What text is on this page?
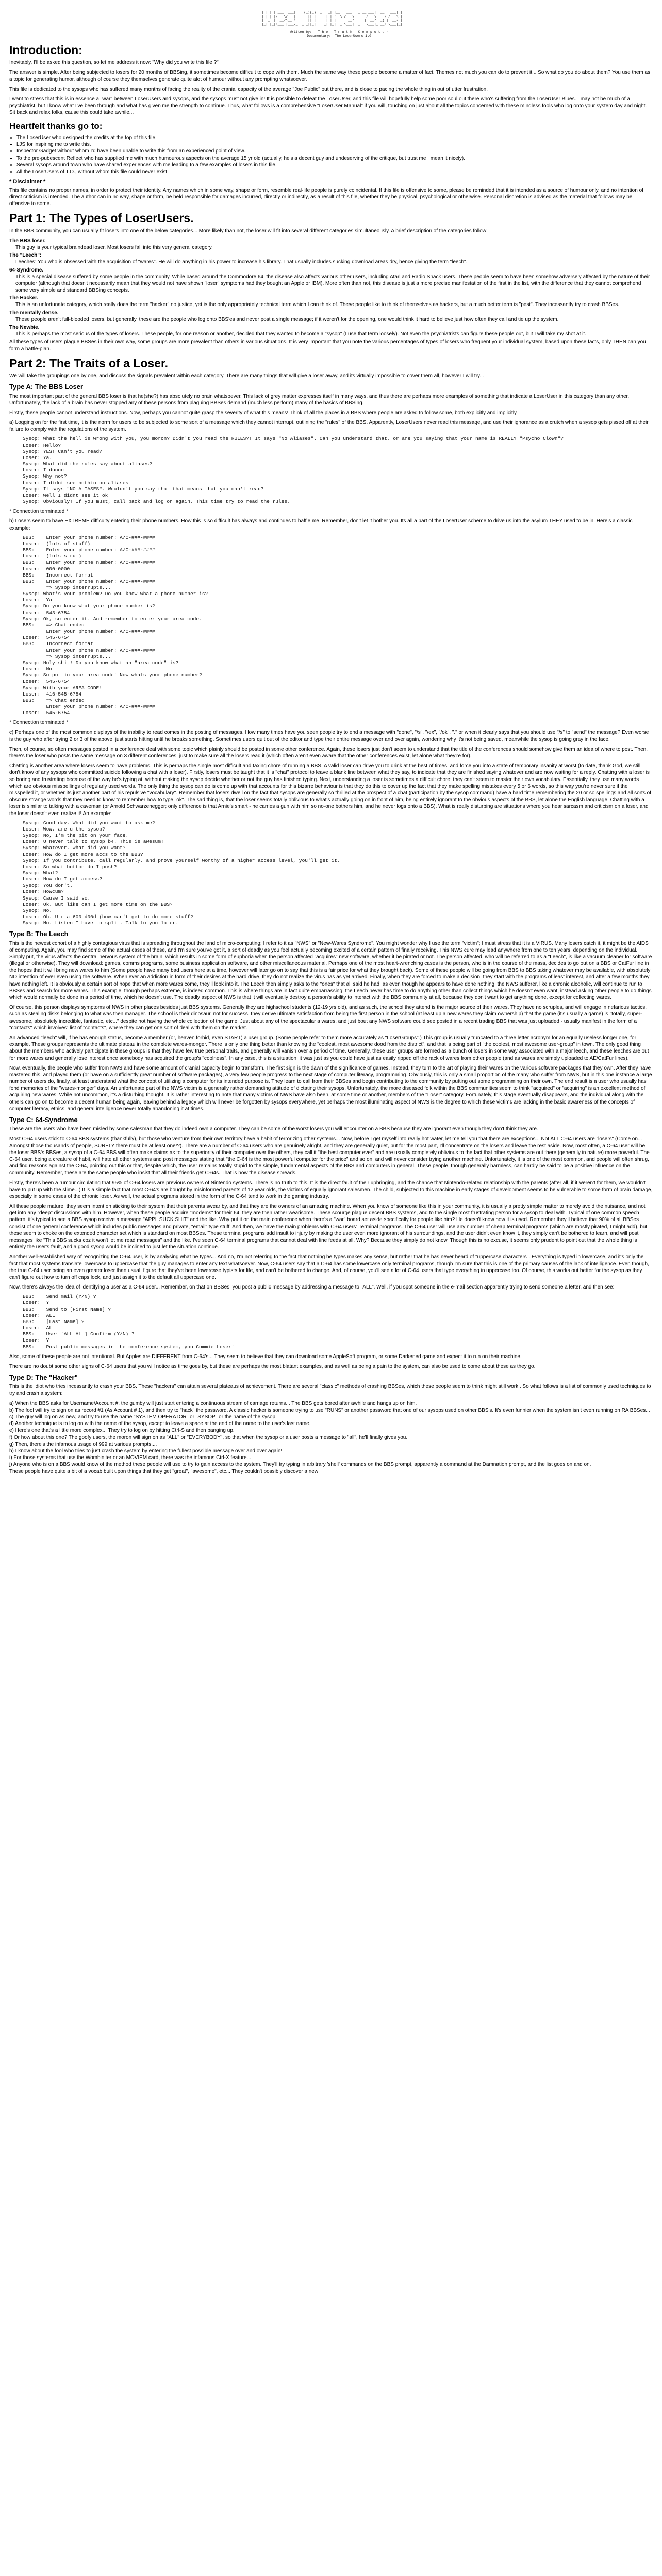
_   _           _  _ _  _   _____ _                    _          _
| | | | ___  ___| || (_)(_) |_   _| |__   ___   _ __ ___| |__   ___| |
| |_| |/ _ \/ __| __ | || |   | | | '_ \ / _ \ | '__/ _ \ '_ \ / _ \ |
|  _  |  __/\__ \ || | || |   | | | | | |  __/ | | |  __/ |_) |  __/ |
|_| |_|\___||___/_||_|_||_|   |_| |_| |_|\___| |_|  \___|_.__/ \___|_|

Written by:   T h e   T r u t h   C o m p u t e r
Documentary:  The LoserUsers 1.0
Introduction:

Inevitably, I'll be asked this question, so let me address it now: "Why did you write this file ?"

The answer is simple. After being subjected to losers for 20 months of BBSing, it sometimes become difficult to cope with them. Much the same way these people become a matter of fact. Themes not much you can do to prevent it... So what do you do about them? You use them as a topic for generating humor, although of course they themselves generate quite alot of humour without any prompting whatsoever.

This file is dedicated to the sysops who has suffered many months of facing the reality of the cranial capacity of the average "Joe Public" out there, and is close to pacing the whole thing in out of utter frustration.

I want to stress that this is in essence a "war" between LoserUsers and sysops, and the sysops must not give in! It is possible to defeat the LoserUser, and this file will hopefully help some poor soul out there who's suffering from the LoserUser Blues. I may not be much of a psychiatrist, but I know what I've been through and what has given me the strength to continue. Thus, what follows is a comprehensive "LoserUser Manual" if you will, touching on just about all the topics concerned with these mindless fools who log onto your system day and night. Sit back and relax folks, cause this could take awhile...

Heartfelt thanks go to:
• The LoserUser who designed the credits at the top of this file.
• LJS for inspiring me to write this.
• Inspector Gadget without whom I'd have been unable to write this from an experienced point of view.
• To the pre-pubescent Refleet who has supplied me with much humourous aspects on the average 15 yr old (actually, he's a decent guy and undeserving of the critique, but trust me I mean it nicely).
• Several sysops around town who have shared experiences with me leading to a few examples of losers in this file.
• All the LoserUsers of T.O., without whom this file could never exist.
* Disclaimer *

This file contains no proper names, in order to protect their identity. Any names which in some way, shape or form, resemble real-life people is purely coincidental. If this file is offensive to some, please be reminded that it is intended as a source of humour only, and no intention of direct criticism is intended. The author can in no way, shape or form, be held responsible for damages incurred, directly or indirectly, as a result of this file, whether they be physical, psychological or otherwise. Personal discretion is advised as the material that follows may be offensive to some.

Part 1: The Types of LoserUsers.

In the BBS community, you can usually fit losers into one of the below categories... More likely than not, the loser will fit into several different categories simultaneously. A brief description of the categories follow:

The BBS loser.
This guy is your typical braindead loser. Most losers fall into this very general category.
The "Leech":
Leeches: You who is obsessed with the acquisition of "wares". He will do anything in his power to increase his library. That usually includes sucking download areas dry, hence giving the term "leech".
64-Syndrome.
This is a special disease suffered by some people in the community. While based around the Commodore 64, the disease also affects various other users, including Atari and Radio Shack users. These people seem to have been somehow adversely affected by the nature of their computer (although that doesn't necessarily mean that they would not have shown "loser" symptoms had they bought an Apple or IBM). More often than not, this disease is just a more precise manifestation of the first in the list, with the difference that they cannot comprehend some very simple and standard BBSing concepts.
The Hacker.
This is an unfortunate category, which really does the term "hacker" no justice, yet is the only appropriately technical term which I can think of. These people like to think of themselves as hackers, but a much better term is "pest". They incessantly try to crash BBSes.
The mentally dense.
These people aren't full-blooded losers, but generally, these are the people who log onto BBS'es and never post a single message; if it weren't for the opening, one would think it hard to believe just how often they call and tie up the system.
The Newbie.
This is perhaps the most serious of the types of losers. These people, for one reason or another, decided that they wanted to become a "sysop" (I use that term loosely). Not even the psychiatrists can figure these people out, but I will take my shot at it.

All these types of users plague BBSes in their own way, some groups are more prevalent than others in various situations. It is very important that you note the various percentages of types of losers who frequent your individual system, based upon these facts, only THEN can you form a battle-plan.

Part 2: The Traits of a Loser.

We will take the groupings one by one, and discuss the signals prevalent within each category. There are many things that will give a loser away, and its virtually impossible to cover them all, however I will try...

Type A: The BBS Loser

The most important part of the general BBS loser is that he(she?) has absolutely no brain whatsoever. This lack of grey matter expresses itself in many ways, and thus there are perhaps more examples of something that indicate a LoserUser in this category than any other. Unfortunately, the lack of a brain has never stopped any of these persons from plaguing BBSes demand (much less perform) many of the basics of BBSing.

Firstly, these people cannot understand instructions. Now, perhaps you cannot quite grasp the severity of what this means! Think of all the places in a BBS where people are asked to follow some, both explicitly and implicitly.

a) Logging on for the first time, it is the norm for users to be subjected to some sort of a message which they cannot interrupt, outlining the "rules" of the BBS. Apparently, LoserUsers never read this message, and use their ignorance as a crutch when a sysop gets pissed off at their failure to comply with the regulations of the system.

Sysop: What the hell is wrong with you, you moron? Didn't you read the RULES?! It says "No Aliases". Can you understand that, or are you saying that your name is REALLY "Psycho Clown"?
Loser: Hello?
Sysop: YES! Can't you read?
Loser: Ya.
Sysop: What did the rules say about aliases?
Loser: I dunno
Sysop: Why not?
Loser: I didnt see nothin on aliases
Sysop: It says "NO ALIASES". Wouldn't you say that that means that you can't read?
Loser: Well I didnt see it ok
Sysop: Obviously! If you must, call back and log on again. This time try to read the rules.

* Connection terminated *

b) Losers seem to have EXTREME difficulty entering their phone numbers. How this is so difficult has always and continues to baffle me. Remember, don't let it bother you. Its all a part of the LoserUser scheme to drive us into the asylum THEY used to be in. Here's a classic example:

BBS:    Enter your phone number: A/C-###-####
Loser:  (lots of stuff)
BBS:    Enter your phone number: A/C-###-####
Loser:  (lots strum)
BBS:    Enter your phone number: A/C-###-####
Loser:  000-0000
BBS:    Incorrect format
BBS:    Enter your phone number: A/C-###-####
=> Sysop interrupts...
Sysop: What's your problem? Do you know what a phone number is?
Loser:  Ya
Sysop: Do you know what your phone number is?
Loser:  543-6754
Sysop: Ok, so enter it. And remember to enter your area code.
BBS:    => Chat ended
Enter your phone number: A/C-###-####
Loser:  545-6754
BBS:    Incorrect format
Enter your phone number: A/C-###-####
=> Sysop interrupts...
Sysop: Holy shit! Do you know what an "area code" is?
Loser:  No
Sysop: So put in your area code! Now whats your phone number?
Loser:  545-6754
Sysop: With your AREA CODE!
Loser:  416-545-6754
BBS:    => Chat ended
Enter your phone number: A/C-###-####
Loser:  545-6754

* Connection terminated *

c) Perhaps one of the most common displays of the inability to read comes in the posting of messages. How many times have you seen people try to end a message with "done", "/s", "/ex", "/ok", "." or when it clearly says that you should use "/s" to "send" the message? Even worse is the guy who after trying 2 or 3 of the above, just starts hitting until he breaks something. Sometimes users quit out of the editor and type their entire message over and over again, wondering why it's not being saved, meanwhile the sysop is going gray in the face.

Then, of course, so often messages posted in a conference deal with some topic which plainly should be posted in some other conference. Again, these losers just don't seem to understand that the title of the conferences should somehow give them an idea of where to post. Then, there's the loser who posts the same message on 3 different conferences, just to make sure all the losers read it (which often aren't even aware that the other conferences exist, let alone what they're for).

Chatting is another area where losers seem to have problems. This is perhaps the single most difficult and taxing chore of running a BBS. A valid loser can drive you to drink at the best of times, and force you into a state of temporary insanity at worst (to date, thank God, we still don't know of any sysops who committed suicide following a chat with a loser). Firstly, losers must be taught that it is "chat" protocol to leave a blank line between what they say, to indicate that they are finished saying whatever and are now waiting for a reply. Chatting with a loser is so boring and frustrating because of the way he's typing at, without making the sysop decide whether or not the guy has finished typing. Next, understanding a loser is sometimes a difficult chore; they can't seem to master their own vocabulary. Essentially, they use many words which are obvious misspellings of regularly used words. The only thing the sysop can do is come up with that accounts for this bizarre behaviour is that they do this to cover up the fact that they make spelling mistakes every 5 or 6 words, so this way you're never sure if the misspelled it, or whether its just another part of his repulsive "vocabulary". Remember that losers dwell on the fact that sysops are generally so thrilled at the prospect of a chat (participation by the sysop command) have a hard time remembering the 20 or so spellings and all sorts of obscure strange words that they need to know to remember how to type "ok". The sad thing is, that the loser seems totally oblivious to what's actually going on in front of him, being entirely ignorant to the obvious aspects of the BBS, let alone the English language. Chatting with a loser is similar to talking with a caveman (or Arnold Schwarzenegger; only difference is that Arnie's smart - he carries a gun with him so no-one bothers him, and he never logs onto a BBS). What is really disturbing are situations where you hear sarcasm and criticism on a loser, and the loser doesn't even realize it! An example:

Sysop: Good day. What did you want to ask me?
Loser: Wow, are u the sysop?
Sysop: No, I'm the pit on your face.
Loser: U never talk to sysop b4. This is awesum!
Sysop: Whatever. What did you want?
Loser: How do I get more accs to the BBS?
Sysop: If you contribute, call regularly, and prove yourself worthy of a higher access level, you'll get it.
Loser: So what button do I push?
Sysop: What?
Loser: How do I get access?
Sysop: You don't.
Loser: Howcum?
Sysop: Cause I said so.
Loser: Ok. But like can I get more time on the BBS?
Sysop: No.
Loser: Oh. U r a 600 d00d (how can't get to do more stuff?
Sysop: No. Listen I have to split. Talk to you later.
Type B: The Leech

This is the newest cohort of a highly contagious virus that is spreading throughout the land of micro-computing; I refer to it as "NWS" or "New-Wares Syndrome". You might wonder why I use the term "victim"; I must stress that it is a VIRUS. Many losers catch it, it might be the AIDS of computing. Again, you may find some of the actual cases of these, and I'm sure you've got it, a sort of deadly as you feel actually becoming excited of a certain pattern of finally receiving. This NWS cure may lead anywhere from one to ten years, depending on the individual. Simply put, the virus affects the central nervous system of the brain, which results in some form of euphoria when the person affected "acquires" new software, whether it be pirated or not. The person affected, who will be referred to as a "Leech", is like a vacuum cleaner for software (illegal or otherwise). They will download: games, comms programs, some business application software, and other miscellaneous material. Perhaps one of the most heart-wrenching cases is the person, who is in the course of the mass, decides to go out on a BBS or CatFur line in the hopes that it will bring new wares to him (Some people have many bad users here at a time, however will later go on to say that this is a fair price for what they brought back). Some of these people will be going from BBS to BBS taking whatever may be available, with absolutely NO intention of ever even using the software. When ever an addiction in form of their desires at the hard drive, they do not realize the virus has as yet arrived. Finally, when they are forced to make a decision, they start with the programs of least interest, and after a few months they have nothing left. It is obviously a certain sort of hope that when more wares come, they'll look into it. The Leech then simply asks to the "ones" that all said he had, as even though he appears to have done nothing, the NWS sufferer, like a chronic alcoholic, will continue to run to BBSes and search for more wares. This example, though perhaps extreme, is indeed common. This is where things are in fact quite embarrassing; the Leech never has time to do anything other than collect things which he doesn't even want, instead asking other people to do things which would normally be done in a period of time, which he doesn't use. The deadly aspect of NWS is that it will eventually destroy a person's ability to interact with the BBS community at all, because they don't want to get anything done, except for collecting wares.

Of course, this person displays symptoms of NWS in other places besides just BBS systems. Generally they are highschool students (12-19 yrs old), and as such, the school they attend is the major source of their wares. They have no scruples, and will engage in nefarious tactics, such as stealing disks belonging to what was then manager. The school is their dinosaur, not for success, they derive ultimate satisfaction from being the first person in the school (at least up a new wares they claim ownership) that the game (it's usually a game) is "totally, super-awesome, absolutely incredible, fantastic, etc..." despite not having the whole collection of the game. Just about any of the spectacular a wares, and just bout any NWS software could see posted in a recent trading BBS that was just uploaded - usually manifest in the form of a "contacts" which involves: list of "contacts", where they can get one sort of deal with them on the market.

An advanced "leech" will, if he has enough status, become a member (or, heaven forbid, even START) a user group. (Some people refer to them more accurately as "LoserGroups".) This group is usually truncated to a three letter acronym for an equally useless longer one, for example. These groups represents the ultimate plateau in the complete wares-monger. There is only one thing better than knowing the "coolest, most awesome dood from the district", and that is being part of "the coolest, most awesome user-group" in town. The only good thing about the members who actively participate in these groups is that they have few true personal traits, and generally will vanish over a period of time. Generally, these user groups are formed as a bunch of losers in some way associated with a major leech, and these leeches are out for more wares and generally lose interest once somebody has acquired the group's "coolness". In any case, this is a situation, it was just as you could have just as easily ripped off the rack of wares from other people (and as wares are simply uploaded to AE/CatFur lines).

Now, eventually, the people who suffer from NWS and have some amount of cranial capacity begin to transform. The first sign is the dawn of the significance of games. Instead, they turn to the art of playing their wares on the various software packages that they own. After they have mastered this, and played them (or have on a sufficiently great number of software packages), a very few people progress to the next stage of computer literacy, programming. Obviously, this is only a small proportion of the many who suffer from NWS, but in this one instance a large number of users do, finally, at least understand what the concept of utilizing a computer for its intended purpose is. They learn to call from their BBSes and begin contributing to the community by putting out some programming on their own. The end result is a user who usually has fond memories of the "wares-monger" days. An unfortunate part of the NWS victim is a generally rather demanding attitude of dictating their sysops. Unfortunately, the more diseased folk within the BBS communities seem to think "acquired" or "acquiring" is an excellent method of acquiring new wares. While not uncommon, it's a disturbing thought. It is rather interesting to note that many victims of NWS have also been, at some time or another, members of the "Loser" category. Fortunately, this stage eventually disappears, and the individual along with the others can go on to become a decent human being again, leaving behind a legacy which will never be forgotten by sysops everywhere, yet perhaps the most illuminating aspect of NWS is the degree to which these victims are lacking in the basic awareness of the concepts of computer literacy, ethics, and general intelligence never totally abandoning it at times.

Type C: 64-Syndrome

These are the users who have been misled by some salesman that they do indeed own a computer. They can be some of the worst losers you will encounter on a BBS because they are ignorant even though they don't think they are.

Most C-64 users stick to C-64 BBS systems (thankfully), but those who venture from their own territory have a habit of terrorizing other systems... Now, before I get myself into really hot water, let me tell you that there are exceptions... Not ALL C-64 users are "losers" (Come on... Amongst those thousands of people, SURELY there must be at least one!?). There are a number of C-64 users who are genuinely alright, and they are generally quiet, but for the most part, I'll concentrate on the losers and leave the rest aside. Now, most often, a C-64 user will be the loser BBS's BBSes, a sysop of a C-64 BBS will often make claims as to the superiority of their computer over the others, they call it "the best computer ever" and are usually completely oblivious to the fact that other systems are out there (generally in nature) more powerful. The C-64 user, being a creature of habit, will hate all other systems and post messages stating that "the C-64 is the most powerful computer for the price" and so on, and will never consider trying another machine. Unfortunately, it is one of the most common, and people will often shrug, and find reasons against the C-64, pointing out this or that, despite which, the user remains totally stupid to the simple, fundamental aspects of the BBS and computers in general. These people, though generally harmless, can hardly be said to be a positive influence on the community. Remember, these are the same people who insist that all their friends get C-64s. That is how the disease spreads.

Firstly, there's been a rumour circulating that 95% of C-64 losers are previous owners of Nintendo systems. There is no truth to this. It is the direct fault of their upbringing, and the chance that Nintendo-related relationship with the parents (after all, if it weren't for them, we wouldn't have to put up with the slime...) It is a simple fact that most C-64's are bought by misinformed parents of 12 year olds, the victims of equally ignorant salesmen. The child, subjected to this machine in early stages of development seems to be vulnerable to some form of brain damage, especially in some cases of the chronic loser. As well, the actual programs stored in the form of the C-64 tend to work in the gaming industry.

All these people mature, they seem intent on sticking to their system that their parents swear by, and that they are the owners of an amazing machine. When you know of someone like this in your community, it is usually a pretty simple matter to merely avoid the nuisance, and not get into any "deep" discussions with him. However, when these people acquire "modems" for their 64, they are then rather wearisome. These scourge plague decent BBS systems, and to the single most frustrating person for a sysop to deal with. Typical of one common speech pattern, it's typical to see a BBS sysop receive a message "APPL SUCK SHIT" and the like. Why put it on the main conference when there's a "war" board set aside specifically for people like him? He doesn't know how it is used. Remember they'll believe that 90% of all BBSes consist of one general conference which includes public messages and private, "email" type stuff. And then, we have the main problems with C-64 users: Terminal programs. The C-64 user will use any number of cheap terminal programs (which are mostly pirated, I might add), but these seem to choke on the extended character set which is standard on most BBSes. These terminal programs add insult to injury by making the user even more ignorant of his surroundings, and the user didn't even know it, they simply can't be bothered to learn, and will post messages like "This BBS sucks coz it won't let me read messages" and the like. I've seen C-64 terminal programs that cannot deal with line feeds at all. Why? Because they simply do not know. Though this is no excuse, it seems only prudent to point out that the whole thing is entirely the user's fault, and a good sysop would be inclined to just let the situation continue.

Another well-established way of recognizing the C-64 user, is by analysing what he types... And no, I'm not referring to the fact that nothing he types makes any sense, but rather that he has never heard of "uppercase characters". Everything is typed in lowercase, and it's only the fact that most systems translate lowercase to uppercase that the guy manages to enter any text whatsoever. Now, C-64 users say that a C-64 has some lowercase only terminal programs, though I'm sure that this is one of the primary causes of the lack of intelligence. Even though, the true C-64 user being an even greater loser than usual, figure that they've been lowercase typists for life, and can't be bothered to change. And, of course, you'll see a lot of C-64 users that type everything in uppercase too. Of course, this works out better for the sysop as they can't figure out how to turn off caps lock, and just assign it to the default all uppercase one.

Now, there's always the idea of identifying a user as a C-64 user... Remember, on that on BBSes, you post a public message by addressing a message to "ALL". Well, if you spot someone in the e-mail section apparently trying to send someone a letter, and then see:

BBS:    Send mail (Y/N) ?
Loser:  Y
BBS:    Send to [First Name] ?
Loser:  ALL
BBS:    [Last Name] ?
Loser:  ALL
BBS:    User [ALL ALL] Confirm (Y/N) ?
Loser:  Y
BBS:    Post public messages in the conference system, you Commie Loser!

Also, some of these people are not intentional. But Apples are DIFFERENT from C-64's... They seem to believe that they can download some AppleSoft program, or some Darkened game and expect it to run on their machine.

There are no doubt some other signs of C-64 users that you will notice as time goes by, but these are perhaps the most blatant examples, and as well as being a pain to the system, can also be used to come about these as they go.

Type D: The "Hacker"

This is the idiot who tries incessantly to crash your BBS. These "hackers" can attain several plateaus of achievement. There are several "classic" methods of crashing BBSes, which these people seem to think might still work.. So what follows is a list of commonly used techniques to try and crash a system:

a) When the BBS asks for Username/Account #, the gumby will just start entering a continuous stream of carriage returns... The BBS gets bored after awhile and hangs up on him.
b) The fool will try to sign on as record #1 (As Account # 1), and then try to "hack" the password. A classic hacker is someone trying to use "RUNS" or another password that one of our sysops used on other BBS's. It's even funnier when the system isn't even running on RA BBSes...
c) The guy will log on as new, and try to use the name "SYSTEM OPERATOR" or "SYSOP" or the name of the sysop.
d) Another technique is to log on with the name of the sysop, except to leave a space at the end of the name to the user's last name.
e) Here's one that's a little more complex... They try to log on by hitting Ctrl-S and then banging up.
f) Or how about this one? The goofy users, the moron will sign on as "ALL" or "EVERYBODY", so that when the sysop or a user posts a message to "all", he'll finally gives you.
g) Then, there's the infamous usage of 999 at various prompts....
h) I know about the fool who tries to just crash the system by entering the fullest possible message over and over again!
i) For those systems that use the Wombiniter or an MOVIEM card, there was the infamous Ctrl-X feature...
j) Anyone who is on a BBS would know of the method these people will use to try to gain access to the system. They'll try typing in arbitrary 'shell' commands on the BBS prompt, apparently a command at the Damnation prompt, and the list goes on and on.

These people have quite a bit of a vocab built upon things that they get "great", "awesome", etc... They couldn't possibly discover a new
